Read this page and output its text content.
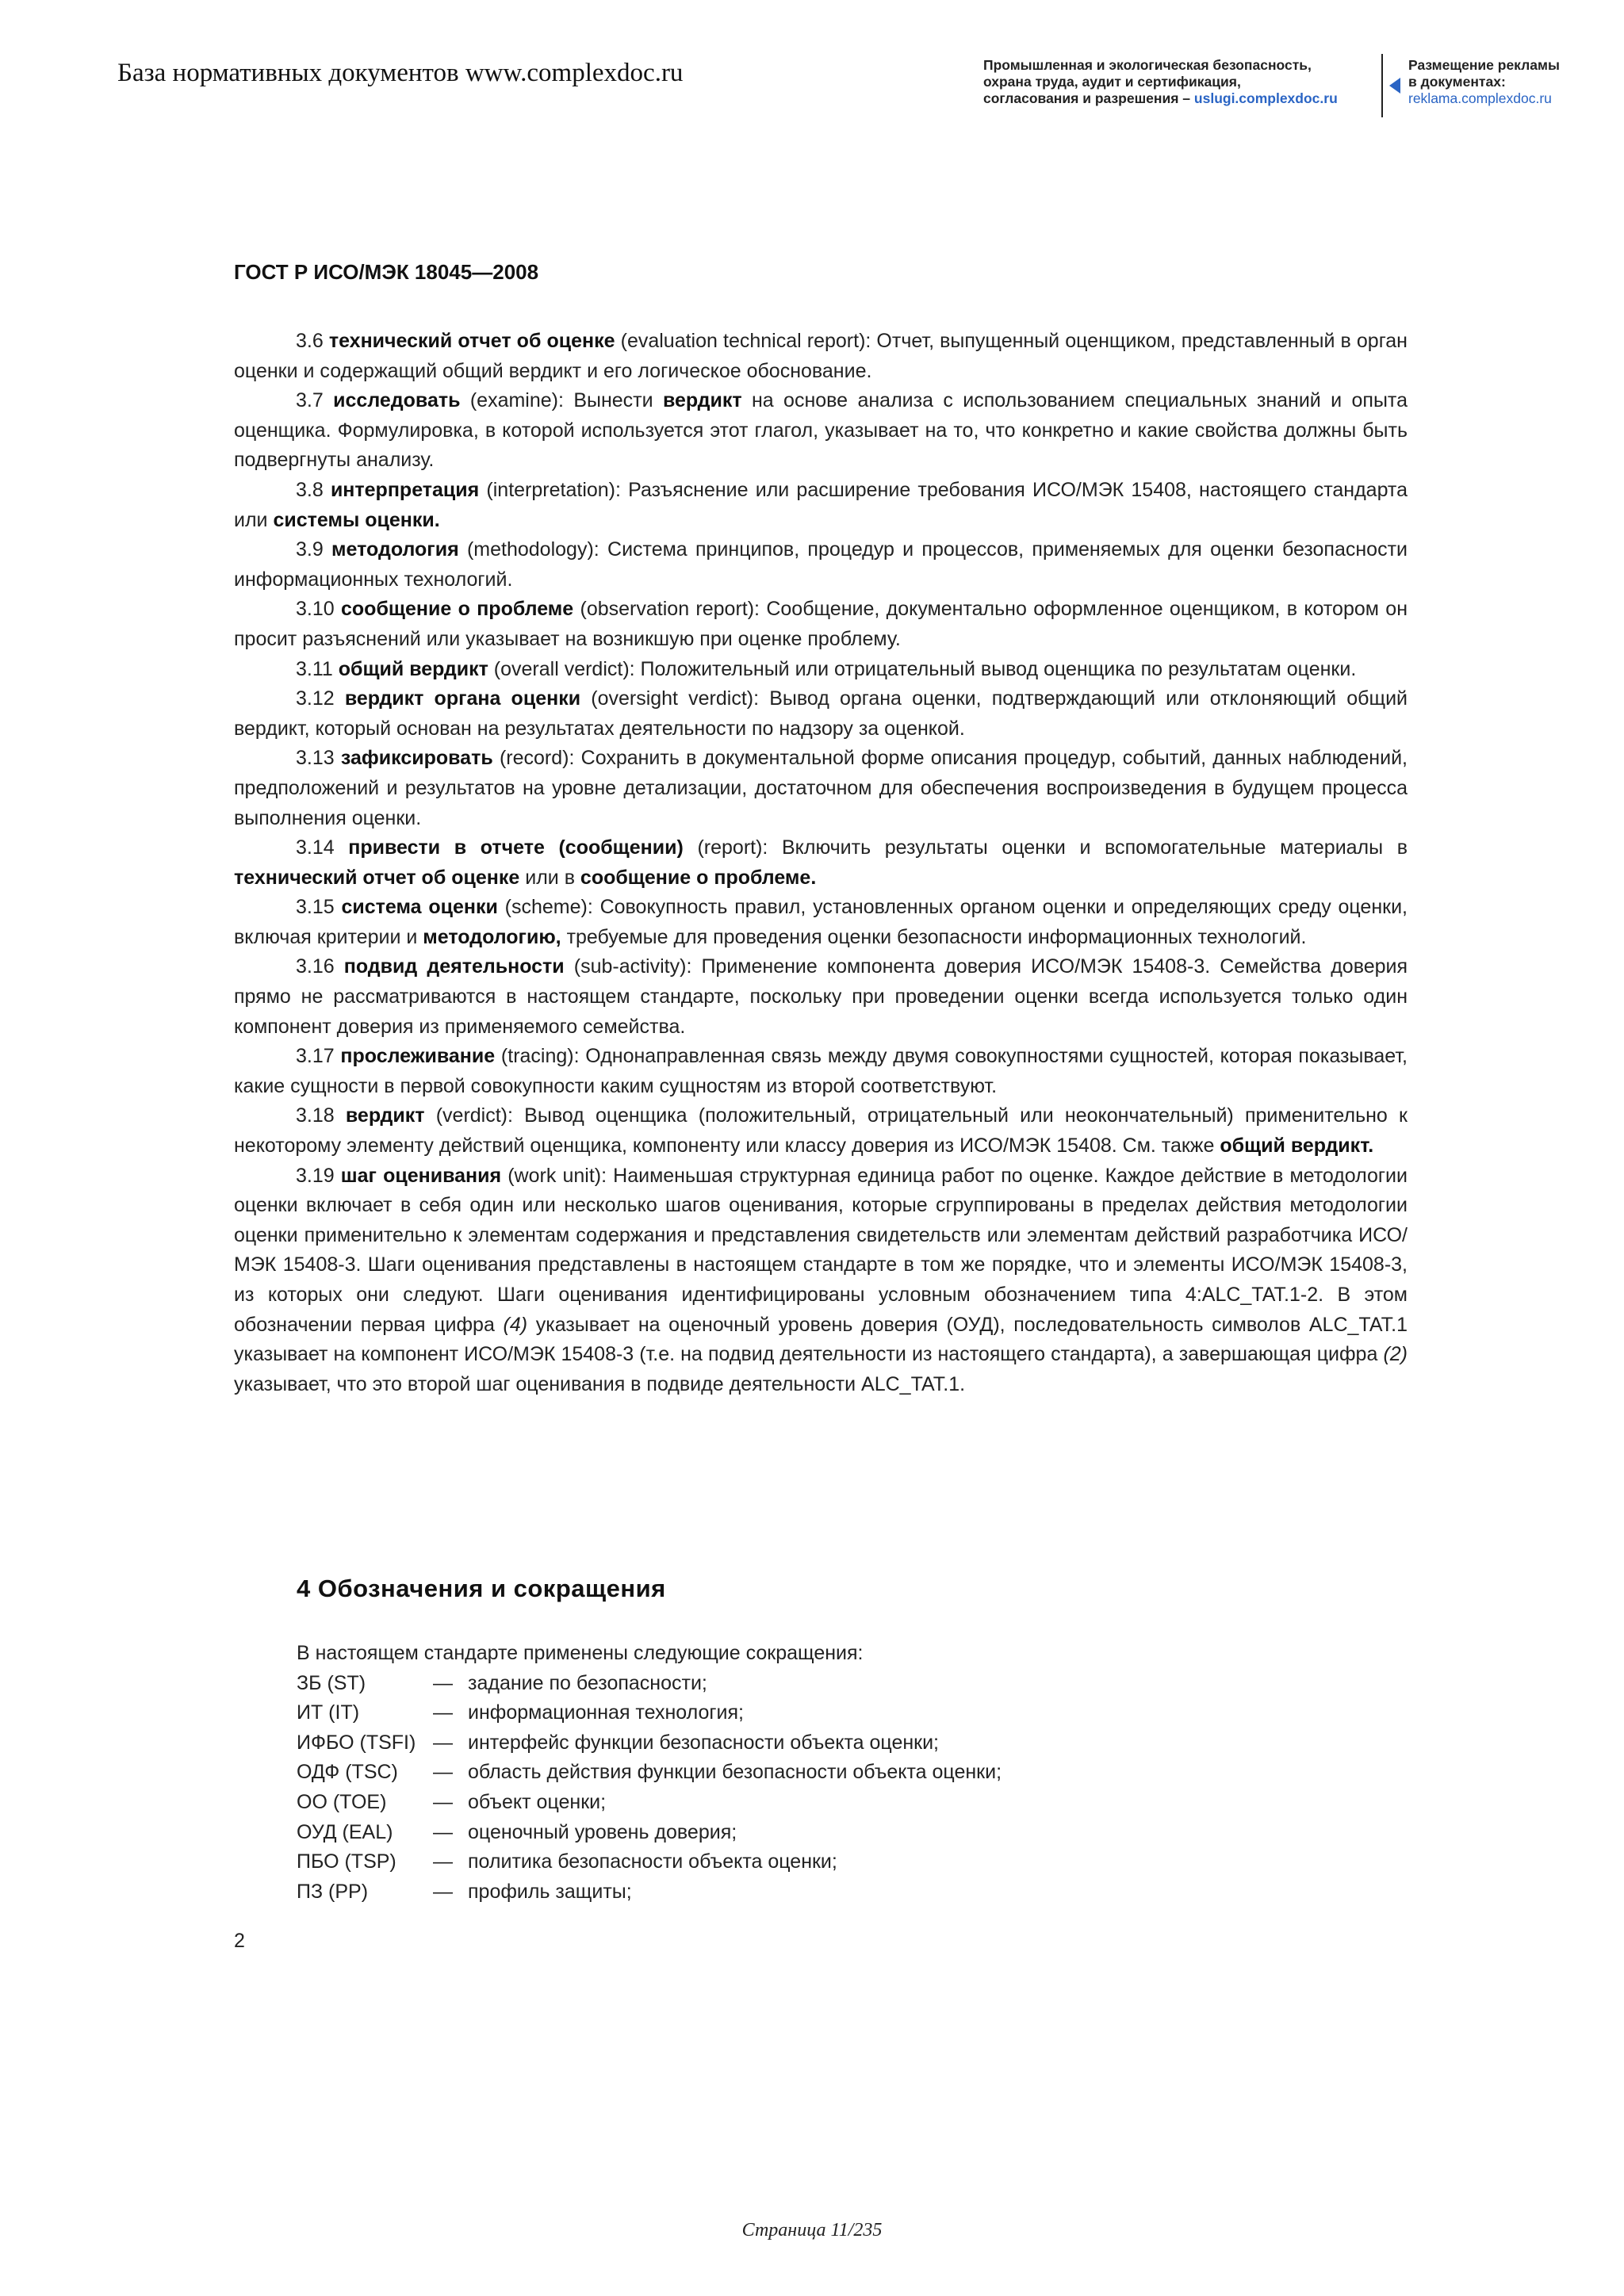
База нормативных документов www.complexdoc.ru	Промышленная и экологическая безопасность,
охрана труда, аудит и сертификация,
согласования и разрешения – uslugi.complexdoc.ru
Размещение рекламы
в документах:
reklama.complexdoc.ru
ГОСТ Р ИСО/МЭК 18045—2008

3.6 технический отчет об оценке (evaluation technical report): Отчет, выпущенный оценщиком, представленный в орган оценки и содержащий общий вердикт и его логическое обоснование.

3.7 исследовать (examine): Вынести вердикт на основе анализа с использованием специальных знаний и опыта оценщика. Формулировка, в которой используется этот глагол, указывает на то, что конкретно и какие свойства должны быть подвергнуты анализу.

3.8 интерпретация (interpretation): Разъяснение или расширение требования ИСО/МЭК 15408, настоящего стандарта или системы оценки.

3.9 методология (methodology): Система принципов, процедур и процессов, применяемых для оценки безопасности информационных технологий.

3.10 сообщение о проблеме (observation report): Сообщение, документально оформленное оценщиком, в котором он просит разъяснений или указывает на возникшую при оценке проблему.

3.11 общий вердикт (overall verdict): Положительный или отрицательный вывод оценщика по результатам оценки.

3.12 вердикт органа оценки (oversight verdict): Вывод органа оценки, подтверждающий или отклоняющий общий вердикт, который основан на результатах деятельности по надзору за оценкой.

3.13 зафиксировать (record): Сохранить в документальной форме описания процедур, событий, данных наблюдений, предположений и результатов на уровне детализации, достаточном для обеспечения воспроизведения в будущем процесса выполнения оценки.

3.14 привести в отчете (сообщении) (report): Включить результаты оценки и вспомогательные материалы в технический отчет об оценке или в сообщение о проблеме.

3.15 система оценки (scheme): Совокупность правил, установленных органом оценки и определяющих среду оценки, включая критерии и методологию, требуемые для проведения оценки безопасности информационных технологий.

3.16 подвид деятельности (sub-activity): Применение компонента доверия ИСО/МЭК 15408-3. Семейства доверия прямо не рассматриваются в настоящем стандарте, поскольку при проведении оценки всегда используется только один компонент доверия из применяемого семейства.

3.17 прослеживание (tracing): Однонаправленная связь между двумя совокупностями сущностей, которая показывает, какие сущности в первой совокупности каким сущностям из второй соответствуют.

3.18 вердикт (verdict): Вывод оценщика (положительный, отрицательный или неокончательный) применительно к некоторому элементу действий оценщика, компоненту или классу доверия из ИСО/МЭК 15408. См. также общий вердикт.

3.19 шаг оценивания (work unit): Наименьшая структурная единица работ по оценке. Каждое действие в методологии оценки включает в себя один или несколько шагов оценивания, которые сгруппированы в пределах действия методологии оценки применительно к элементам содержания и представления свидетельств или элементам действий разработчика ИСО/МЭК 15408-3. Шаги оценивания представлены в настоящем стандарте в том же порядке, что и элементы ИСО/МЭК 15408-3, из которых они следуют. Шаги оценивания идентифицированы условным обозначением типа 4:ALC_TAT.1-2. В этом обозначении первая цифра (4) указывает на оценочный уровень доверия (ОУД), последовательность символов ALC_TAT.1 указывает на компонент ИСО/МЭК 15408-3 (т.е. на подвид деятельности из настоящего стандарта), а завершающая цифра (2) указывает, что это второй шаг оценивания в подвиде деятельности ALC_TAT.1.

4 Обозначения и сокращения
В настоящем стандарте применены следующие сокращения:
ЗБ (ST)	— задание по безопасности;
ИТ (IT)	— информационная технология;
ИФБО (TSFI) — интерфейс функции безопасности объекта оценки;
ОДФ (TSC)	— область действия функции безопасности объекта оценки;
ОО (TOE)	— объект оценки;
ОУД (EAL)	— оценочный уровень доверия;
ПБО (TSP)	— политика безопасности объекта оценки;
ПЗ (PP)	— профиль защиты;
2
Страница 11/235
